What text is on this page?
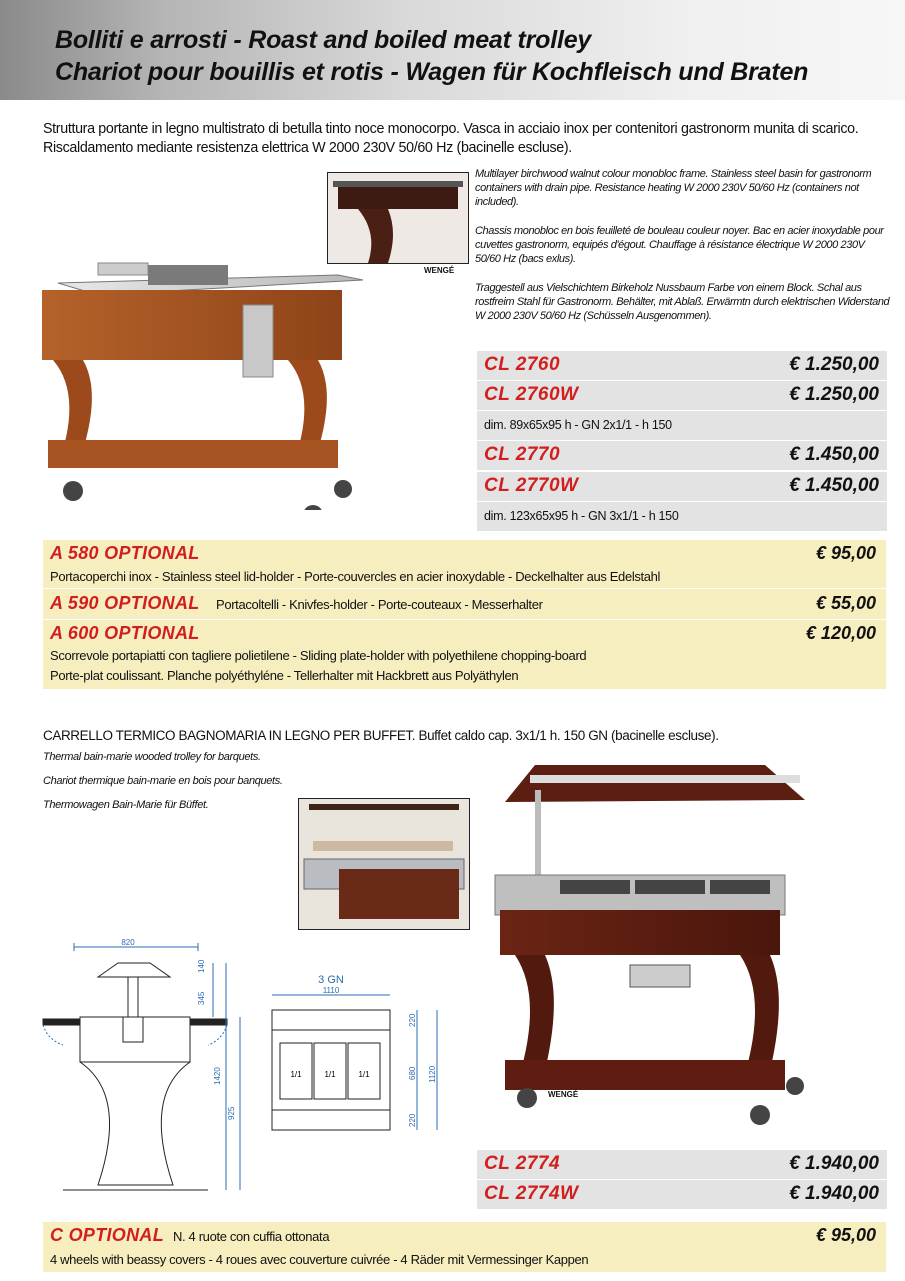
Bolliti e arrosti - Roast and boiled meat trolley
Chariot pour bouillis et rotis - Wagen für Kochfleisch und Braten
Struttura portante in legno multistrato di betulla tinto noce monocorpo. Vasca in acciaio inox per contenitori gastronorm munita di scarico.
Riscaldamento mediante resistenza elettrica W 2000 230V 50/60 Hz (bacinelle escluse).
WENGÉ
Multilayer birchwood walnut colour monobloc frame. Stainless steel basin for gastronorm containers with drain pipe. Resistance heating W 2000 230V 50/60 Hz (containers not included).
Chassis monobloc en bois feuilleté de bouleau couleur noyer. Bac en acier inoxydable pour cuvettes gastronorm, equipés d'égout. Chauffage à résistance électrique W 2000 230V 50/60 Hz (bacs exlus).
Traggestell aus Vielschichtem Birkeholz Nussbaum Farbe von einem Block. Schal aus rostfreim Stahl für Gastronorm. Behälter, mit Ablaß. Erwärmtn durch elektrischen Widerstand W 2000 230V 50/60 Hz (Schüsseln Ausgenommen).
CL 2760	€ 1.250,00
CL 2760W	€ 1.250,00
dim. 89x65x95 h - GN 2x1/1 - h 150
CL 2770	€ 1.450,00
CL 2770W	€ 1.450,00
dim. 123x65x95 h - GN 3x1/1 - h 150
A 580 OPTIONAL	€ 95,00
Portacoperchi inox - Stainless steel lid-holder - Porte-couvercles en acier inoxydable - Deckelhalter aus Edelstahl
A 590 OPTIONAL Portacoltelli - Knivfes-holder - Porte-couteaux - Messerhalter	€ 55,00
A 600 OPTIONAL	€ 120,00
Scorrevole portapiatti con tagliere polietilene - Sliding plate-holder with polyethilene chopping-board
Porte-plat coulissant. Planche polyéthyléne - Tellerhalter mit Hackbrett aus Polyäthylen
CARRELLO TERMICO BAGNOMARIA IN LEGNO PER BUFFET. Buffet caldo cap. 3x1/1 h. 150 GN (bacinelle escluse).
Thermal bain-marie wooded trolley for barquets.
Chariot thermique bain-marie en bois pour banquets.
Thermowagen Bain-Marie für Büffet.
WENGÉ
820
140
345
1420
925
3 GN
1110
1/1	1/1	1/1
220
680
220
1120
CL 2774	€ 1.940,00
CL 2774W	€ 1.940,00
C OPTIONAL N. 4 ruote con cuffia ottonata	€ 95,00
4 wheels with beassy covers - 4 roues avec couverture cuivrée - 4 Räder mit Vermessinger Kappen
